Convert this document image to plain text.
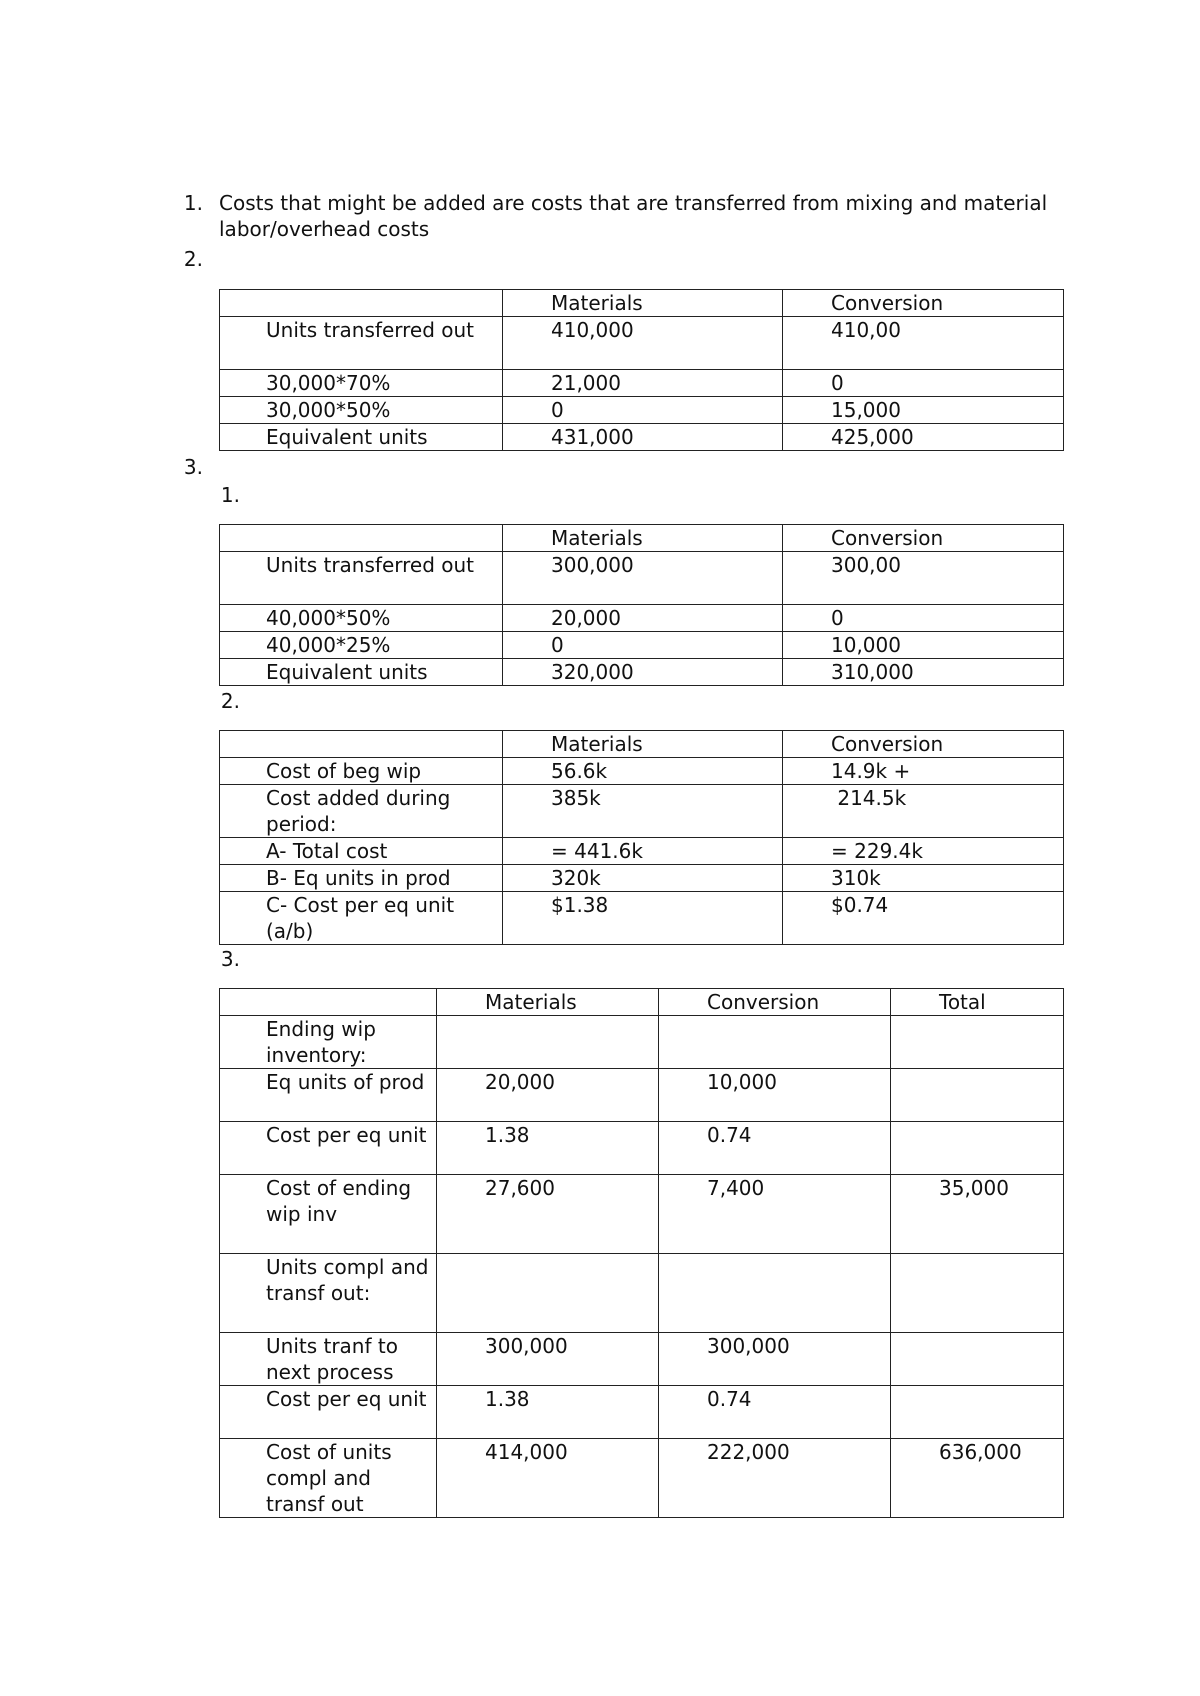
1. Costs that might be added are costs that are transferred from mixing and material labor/overhead costs
2.
	Materials	Conversion
Units transferred out	410,000	410,00
30,000*70%	21,000	0
30,000*50%	0	15,000
Equivalent units	431,000	425,000
3.
1.
	Materials	Conversion
Units transferred out	300,000	300,00
40,000*50%	20,000	0
40,000*25%	0	10,000
Equivalent units	320,000	310,000
2.
	Materials	Conversion
Cost of beg wip	56.6k	14.9k +
Cost added during period:	385k	214.5k
A- Total cost	= 441.6k	= 229.4k
B- Eq units in prod	320k	310k
C- Cost per eq unit (a/b)	$1.38	$0.74
3.
	Materials	Conversion	Total
Ending wip inventory:			
Eq units of prod	20,000	10,000	
Cost per eq unit	1.38	0.74	
Cost of ending wip inv	27,600	7,400	35,000
Units compl and transf out:			
Units tranf to next process	300,000	300,000	
Cost per eq unit	1.38	0.74	
Cost of units compl and transf out	414,000	222,000	636,000
